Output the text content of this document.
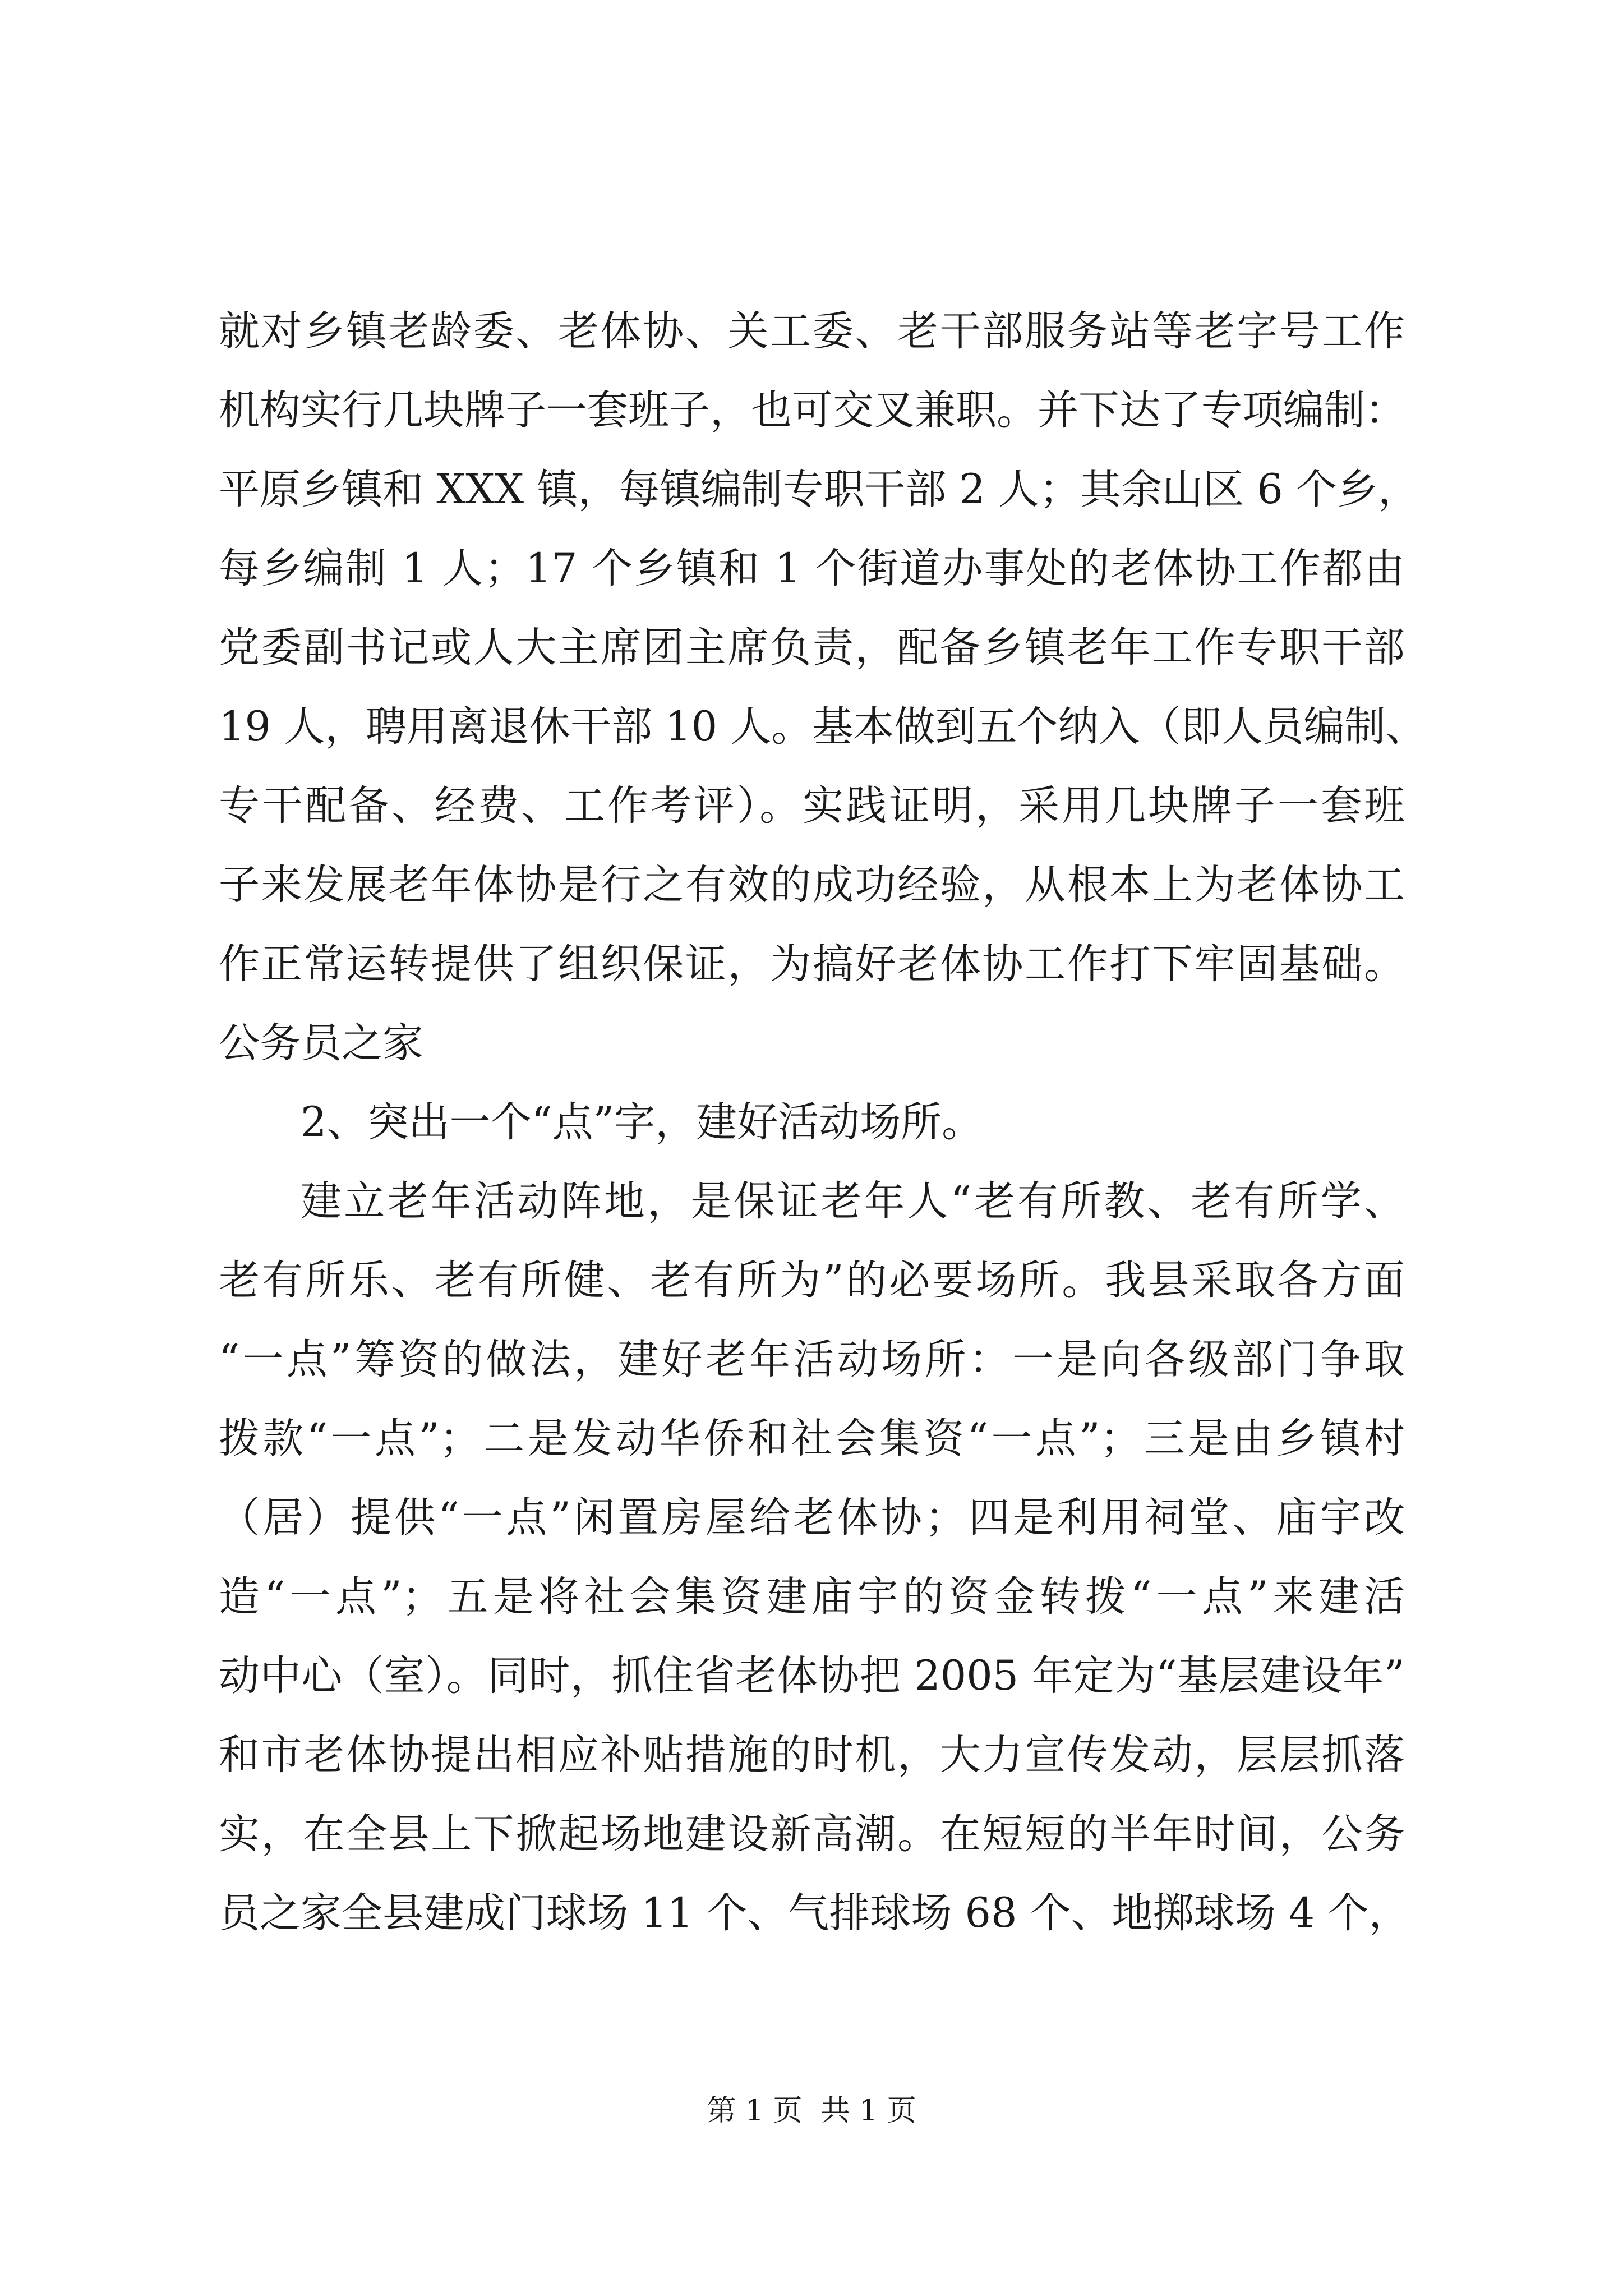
就对乡镇老龄委、老体协、关工委、老干部服务站等老字号工作
机构实行几块牌子一套班子，也可交叉兼职。并下达了专项编制：
平原乡镇和 XXX 镇，每镇编制专职干部 2 人；其余山区 6 个乡，
每乡编制 1 人；17 个乡镇和 1 个街道办事处的老体协工作都由
党委副书记或人大主席团主席负责，配备乡镇老年工作专职干部
19 人，聘用离退休干部 10 人。基本做到五个纳入（即人员编制、
专干配备、经费、工作考评）。实践证明，采用几块牌子一套班
子来发展老年体协是行之有效的成功经验，从根本上为老体协工
作正常运转提供了组织保证，为搞好老体协工作打下牢固基础。
公务员之家
2、突出一个“点”字，建好活动场所。
建立老年活动阵地，是保证老年人“老有所教、老有所学、
老有所乐、老有所健、老有所为”的必要场所。我县采取各方面
“一点”筹资的做法，建好老年活动场所：一是向各级部门争取
拨款“一点”；二是发动华侨和社会集资“一点”；三是由乡镇村
（居）提供“一点”闲置房屋给老体协；四是利用祠堂、庙宇改
造“一点”；五是将社会集资建庙宇的资金转拨“一点”来建活
动中心（室）。同时，抓住省老体协把 2005 年定为“基层建设年”
和市老体协提出相应补贴措施的时机，大力宣传发动，层层抓落
实，在全县上下掀起场地建设新高潮。在短短的半年时间，公务
员之家全县建成门球场 11 个、气排球场 68 个、地掷球场 4 个，
第 1 页  共 1 页
